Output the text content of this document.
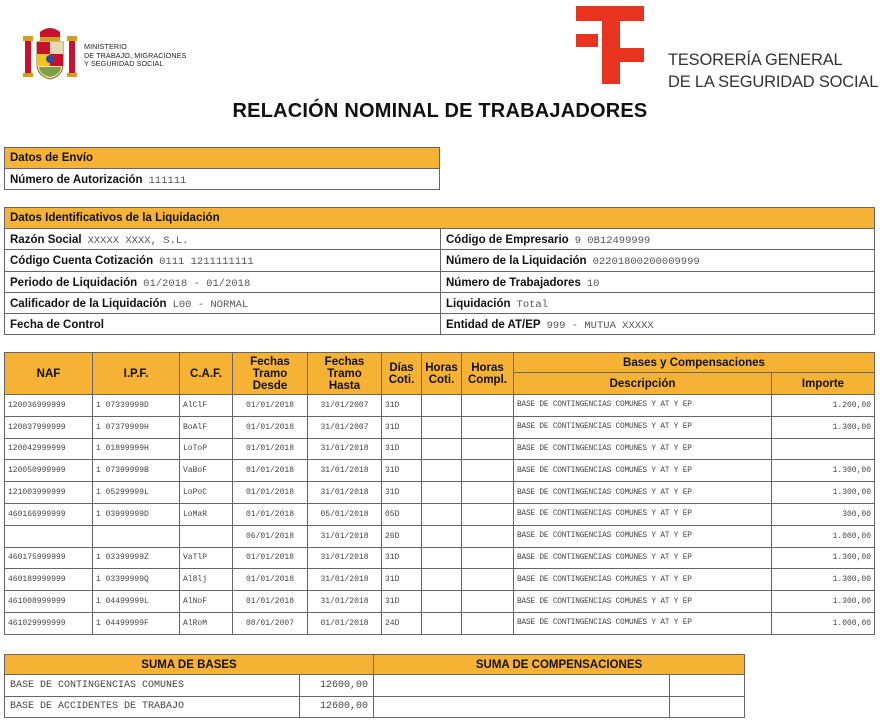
MINISTERIO
DE TRABAJO, MIGRACIONES
Y SEGURIDAD SOCIAL	TESORERÍA GENERAL
DE LA SEGURIDAD SOCIAL
RELACIÓN NOMINAL DE TRABAJADORES
Datos de Envío
Número de Autorización 111111
Datos Identificativos de la Liquidación	
Razón Social XXXXX XXXX, S.L.	Código de Empresario 9 0B12499999
Código Cuenta Cotización 0111 1211111111	Número de la Liquidación 02201800200009999
Periodo de Liquidación 01/2018 - 01/2018	Número de Trabajadores 10
Calificador de la Liquidación L00 - NORMAL	Liquidación Total
Fecha de Control	Entidad de AT/EP 999 - MUTUA XXXXX
NAF	I.P.F.	C.A.F.	Fechas Tramo Desde	Fechas Tramo Hasta	Días Coti.	Horas Coti.	Horas Compl.	Bases y Compensaciones	
								Descripción	Importe
120036999999	1 07339999D	AlClF	01/01/2018	31/01/2007	31D			BASE DE CONTINGENCIAS COMUNES Y AT Y EP	1.200,00
120037999999	1 07379999H	BoAlF	01/01/2018	31/01/2007	31D			BASE DE CONTINGENCIAS COMUNES Y AT Y EP	1.300,00
120042999999	1 01899999H	LoToP	01/01/2018	31/01/2018	31D			BASE DE CONTINGENCIAS COMUNES Y AT Y EP	
120050999999	1 07399999B	VaBoF	01/01/2018	31/01/2018	31D			BASE DE CONTINGENCIAS COMUNES Y AT Y EP	1.300,00
121003999999	1 05299999L	LoPoC	01/01/2018	31/01/2018	31D			BASE DE CONTINGENCIAS COMUNES Y AT Y EP	1.300,00
460166999999	1 03999999D	LoMaR	01/01/2018	05/01/2018	05D			BASE DE CONTINGENCIAS COMUNES Y AT Y EP	300,00
			06/01/2018	31/01/2018	26D			BASE DE CONTINGENCIAS COMUNES Y AT Y EP	1.000,00
460175999999	1 03399999Z	VaTlP	01/01/2018	31/01/2018	31D			BASE DE CONTINGENCIAS COMUNES Y AT Y EP	1.300,00
460189999999	1 03399999Q	Al8lj	01/01/2018	31/01/2018	31D			BASE DE CONTINGENCIAS COMUNES Y AT Y EP	1.300,00
461008999999	1 04499999L	AlNoF	01/01/2018	31/01/2018	31D			BASE DE CONTINGENCIAS COMUNES Y AT Y EP	1.300,00
461029999999	1 04499999F	AlRoM	08/01/2007	01/01/2018	24D			BASE DE CONTINGENCIAS COMUNES Y AT Y EP	1.000,00
SUMA DE BASES		SUMA DE COMPENSACIONES	
BASE DE CONTINGENCIAS COMUNES	12600,00		
BASE DE ACCIDENTES DE TRABAJO	12600,00		
